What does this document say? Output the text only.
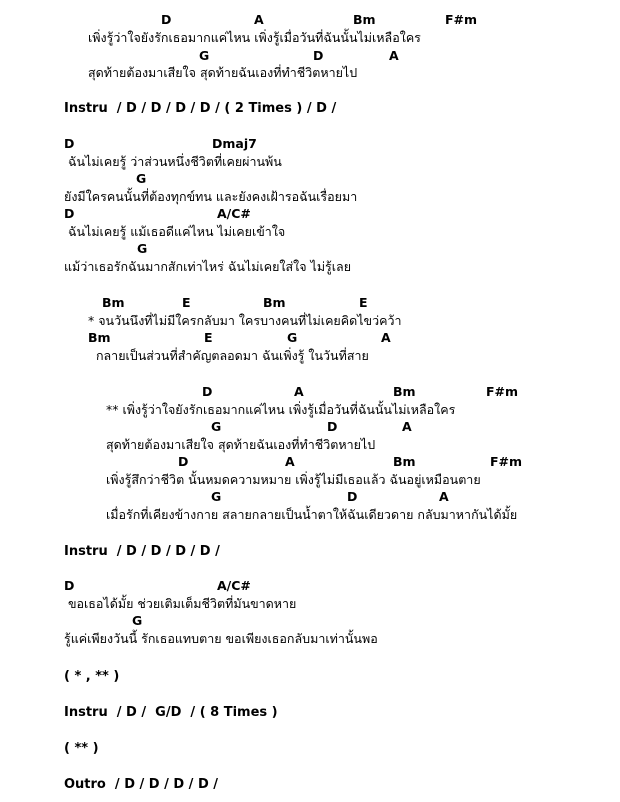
D	A	Bm	F#m
เพิ่งรู้ว่าใจยังรักเธอมากแค่ไหน เพิ่งรู้เมื่อวันที่ฉันนั้นไม่เหลือใคร
G	D	A
สุดท้ายต้องมาเสียใจ สุดท้ายฉันเองที่ทำชีวิตหายไป
Instru  / D / D / D / D / ( 2 Times ) / D /
D	Dmaj7
ฉันไม่เคยรู้ ว่าส่วนหนึ่งชีวิตที่เคยผ่านพ้น
G
ยังมีใครคนนั้นที่ต้องทุกข์ทน และยังคงเฝ้ารอฉันเรื่อยมา
D	A/C#
ฉันไม่เคยรู้ แม้เธอดีแค่ไหน ไม่เคยเข้าใจ
G
แม้ว่าเธอรักฉันมากสักเท่าไหร่ ฉันไม่เคยใส่ใจ ไม่รู้เลย
Bm	E	Bm	E
* จนวันนึงที่ไม่มีใครกลับมา ใครบางคนที่ไม่เคยคิดไขว่คว้า
Bm	E	G	A
กลายเป็นส่วนที่สำคัญตลอดมา ฉันเพิ่งรู้ ในวันที่สาย
D	A	Bm	F#m
** เพิ่งรู้ว่าใจยังรักเธอมากแค่ไหน เพิ่งรู้เมื่อวันที่ฉันนั้นไม่เหลือใคร
G	D	A
สุดท้ายต้องมาเสียใจ สุดท้ายฉันเองที่ทำชีวิตหายไป
D	A	Bm	F#m
เพิ่งรู้สึกว่าชีวิต นั้นหมดความหมาย เพิ่งรู้ไม่มีเธอแล้ว ฉันอยู่เหมือนตาย
G	D	A
เมื่อรักที่เคียงข้างกาย สลายกลายเป็นน้ำตาให้ฉันเดียวดาย กลับมาหากันได้มั้ย
Instru  / D / D / D / D /
D	A/C#
ขอเธอได้มั้ย ช่วยเติมเต็มชีวิตที่มันขาดหาย
G
รู้แค่เพียงวันนี้ รักเธอแทบตาย ขอเพียงเธอกลับมาเท่านั้นพอ
( * , ** )
Instru  / D /  G/D  / ( 8 Times )
( ** )
Outro  / D / D / D / D /
